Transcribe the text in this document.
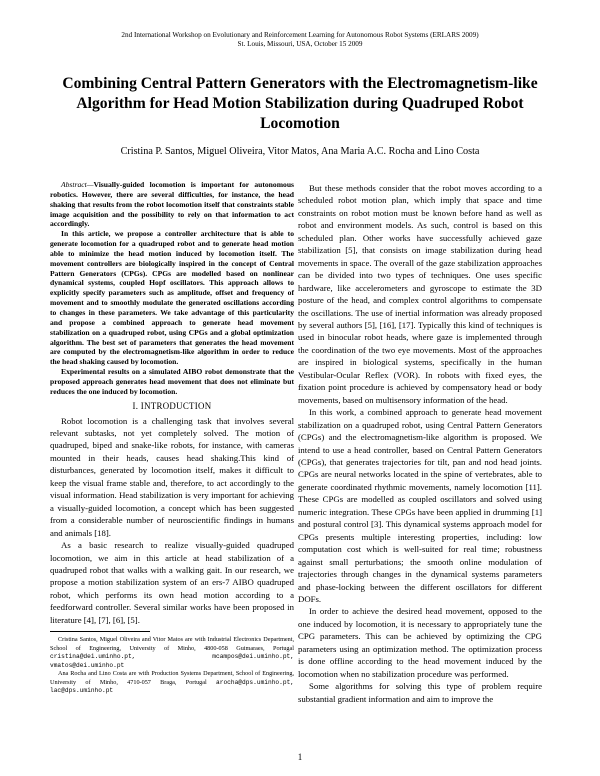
2nd International Workshop on Evolutionary and Reinforcement Learning for Autonomous Robot Systems (ERLARS 2009)
St. Louis, Missouri, USA, October 15 2009
Combining Central Pattern Generators with the Electromagnetism-like Algorithm for Head Motion Stabilization during Quadruped Robot Locomotion
Cristina P. Santos, Miguel Oliveira, Vitor Matos, Ana Maria A.C. Rocha and Lino Costa

Abstract—Visually-guided locomotion is important for autonomous robotics. However, there are several difficulties, for instance, the head shaking that results from the robot locomotion itself that constraints stable image acquisition and the possibility to rely on that information to act accordingly.

In this article, we propose a controller architecture that is able to generate locomotion for a quadruped robot and to generate head motion able to minimize the head motion induced by locomotion itself. The movement controllers are biologically inspired in the concept of Central Pattern Generators (CPGs). CPGs are modelled based on nonlinear dynamical systems, coupled Hopf oscillators. This approach allows to explicitly specify parameters such as amplitude, offset and frequency of movement and to smoothly modulate the generated oscillations according to changes in these parameters. We take advantage of this particularity and propose a combined approach to generate head movement stabilization on a quadruped robot, using CPGs and a global optimization algorithm. The best set of parameters that generates the head movement are computed by the electromagnetism-like algorithm in order to reduce the head shaking caused by locomotion.

Experimental results on a simulated AIBO robot demonstrate that the proposed approach generates head movement that does not eliminate but reduces the one induced by locomotion.

I. INTRODUCTION

Robot locomotion is a challenging task that involves several relevant subtasks, not yet completely solved. The motion of quadruped, biped and snake-like robots, for instance, with cameras mounted in their heads, causes head shaking.This kind of disturbances, generated by locomotion itself, makes it difficult to keep the visual frame stable and, therefore, to act accordingly to the visual information. Head stabilization is very important for achieving a visually-guided locomotion, a concept which has been suggested from a considerable number of neuroscientific findings in humans and animals [18].

As a basic research to realize visually-guided quadruped locomotion, we aim in this article at head stabilization of a quadruped robot that walks with a walking gait. In our research, we propose a motion stabilization system of an ers-7 AIBO quadruped robot, which performs its own head motion according to a feedforward controller. Several similar works have been proposed in literature [4], [7], [6], [5].

Cristina Santos, Miguel Oliveira and Vitor Matos are with Industrial Electronics Department, School of Engineering, University of Minho, 4800-058 Guimaraes, Portugal cristina@dei.uminho.pt,	mcampos@dei.uminho.pt, vmatos@dei.uminho.pt

Ana Rocha and Lino Costa are with Production Systems Department, School of Engineering, University of Minho, 4710-057 Braga, Portugal arocha@dps.uminho.pt, lac@dps.uminho.pt

But these methods consider that the robot moves according to a scheduled robot motion plan, which imply that space and time constraints on robot motion must be known before hand as well as robot and environment models. As such, control is based on this scheduled plan. Other works have successfully achieved gaze stabilization [5], that consists on image stabilization during head movements in space. The overall of the gaze stabilization approaches can be divided into two types of techniques. One uses specific hardware, like accelerometers and gyroscope to estimate the 3D posture of the head, and complex control algorithms to compensate the oscillations. The use of inertial information was already proposed by several authors [5], [16], [17]. Typically this kind of techniques is used in binocular robot heads, where gaze is implemented through the coordination of the two eye movements. Most of the approaches are inspired in biological systems, specifically in the human Vestibular-Ocular Reflex (VOR). In robots with fixed eyes, the fixation point procedure is achieved by compensatory head or body movements, based on multisensory information of the head.

In this work, a combined approach to generate head movement stabilization on a quadruped robot, using Central Pattern Generators (CPGs) and the electromagnetism-like algorithm is proposed. We intend to use a head controller, based on Central Pattern Generators (CPGs), that generates trajectories for tilt, pan and nod head joints. CPGs are neural networks located in the spine of vertebrates, able to generate coordinated rhythmic movements, namely locomotion [11]. These CPGs are modelled as coupled oscillators and solved using numeric integration. These CPGs have been applied in drumming [1] and postural control [3]. This dynamical systems approach model for CPGs presents multiple interesting properties, including: low computation cost which is well-suited for real time; robustness against small perturbations; the smooth online modulation of trajectories through changes in the dynamical systems parameters and phase-locking between the different oscillators for different DOFs.

In order to achieve the desired head movement, opposed to the one induced by locomotion, it is necessary to appropriately tune the CPG parameters. This can be achieved by optimizing the CPG parameters using an optimization method. The optimization process is done offline according to the head movement induced by the locomotion when no stabilization procedure was performed.

Some algorithms for solving this type of problem require substantial gradient information and aim to improve the

1
